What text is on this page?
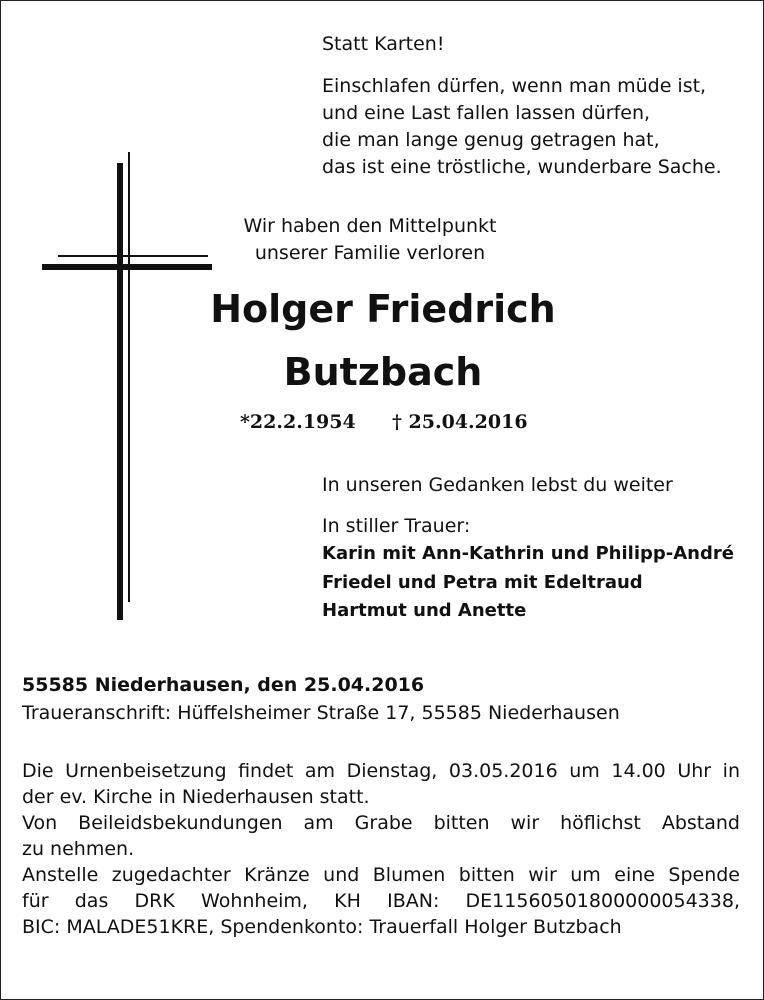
Statt Karten!
Einschlafen dürfen, wenn man müde ist,
und eine Last fallen lassen dürfen,
die man lange genug getragen hat,
das ist eine tröstliche, wunderbare Sache.
Wir haben den Mittelpunkt
unserer Familie verloren
Holger Friedrich
Butzbach
*22.2.1954 † 25.04.2016
In unseren Gedanken lebst du weiter
In stiller Trauer:
Karin mit Ann-Kathrin und Philipp-André
Friedel und Petra mit Edeltraud
Hartmut und Anette
55585 Niederhausen, den 25.04.2016
Traueranschrift: Hüffelsheimer Straße 17, 55585 Niederhausen
Die Urnenbeisetzung findet am Dienstag, 03.05.2016 um 14.00 Uhr in
der ev. Kirche in Niederhausen statt.
Von Beileidsbekundungen am Grabe bitten wir höflichst Abstand
zu nehmen.
Anstelle zugedachter Kränze und Blumen bitten wir um eine Spende
für das DRK Wohnheim, KH IBAN: DE11560501800000054338,
BIC: MALADE51KRE, Spendenkonto: Trauerfall Holger Butzbach
